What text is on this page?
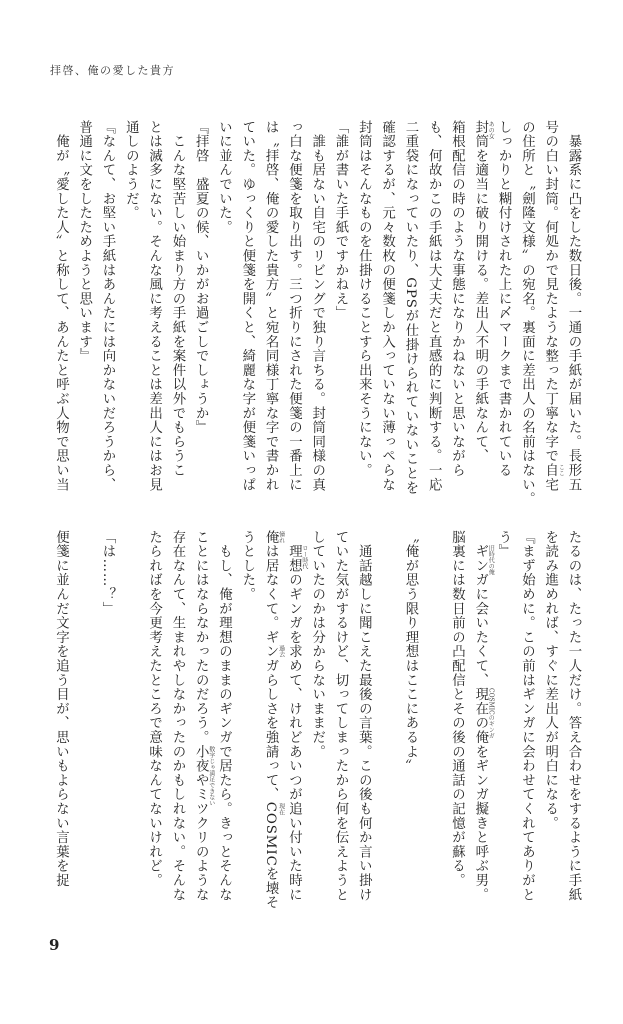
拝啓、俺の愛した貴方
　暴露系に凸をした数日後。一通の手紙が届いた。長形五
号の白い封筒。何処かで見たような整った丁寧な字で自宅
の住所と〝劍隆文様〟の宛名。裏面に差出人の名前はない。
しっかりと糊付けされた上に〆マークまで書かれている
封筒を適当に破り開ける。差出人不明の手紙なんて、
箱根配信の時のような事態になりかねないと思いながら
も、何故かこの手紙は大丈夫だと直感的に判断する。一応
二重袋になっていたり、GPSが仕掛けられていないことを
確認するが、元々数枚の便箋しか入っていない薄っぺらな
封筒はそんなものを仕掛けることすら出来そうにない。
「誰が書いた手紙ですかねえ」
　誰も居ない自宅のリビングで独り言ちる。封筒同様の真
っ白な便箋を取り出す。三つ折りにされた便箋の一番上に
は〝拝啓、俺の愛した貴方〟と宛名同様丁寧な字で書かれ
ていた。ゆっくりと便箋を開くと、綺麗な字が便箋いっぱ
いに並んでいた。
『拝啓　盛夏の候、いかがお過ごしでしょうか』
　こんな堅苦しい始まり方の手紙を案件以外でもらうこ
とは滅多にない。そんな風に考えることは差出人にはお見
通しのようだ。
『なんて、お堅い手紙はあんたには向かないだろうから、
普通に文をしたためようと思います』
　俺が〝愛した人〟と称して、あんたと呼ぶ人物で思い当
たるのは、たった一人だけ。答え合わせをするように手紙
を読み進めれば、すぐに差出人が明白になる。
『まず始めに。この前はギンガに会わせてくれてありがと
う』
　ギンガに会いたくて、現在の俺をギンガ擬きと呼ぶ男。
脳裏には数日前の凸配信とその後の通話の記憶が蘇る。
〝俺が思う限り理想はここにあるよ〟
　通話越しに聞こえた最後の言葉。この後も何か言い掛け
ていた気がするけど、切ってしまったから何を伝えようと
していたのかは分からないままだ。
　理想のギンガを求めて、けれどあいつが追い付いた時に
俺は居なくて。ギンガらしさを強請って、COSMICを壊そ
うとした。
　もし、俺が理想のままのギンガで居たら。きっとそんな
ことにはならなかったのだろう。小夜やミツクリのような
存在なんて、生まれやしなかったのかもしれない。そんな
たらればを今更考えたところで意味なんてないけれど。
「は……？」
便箋に並んだ文字を追う目が、思いもよらない言葉を捉
ここ
あの女
旧時代の俺
COSMICのギンガ
ロー時代
憧れ
過去
現在
数字じゃ満足できない
9
